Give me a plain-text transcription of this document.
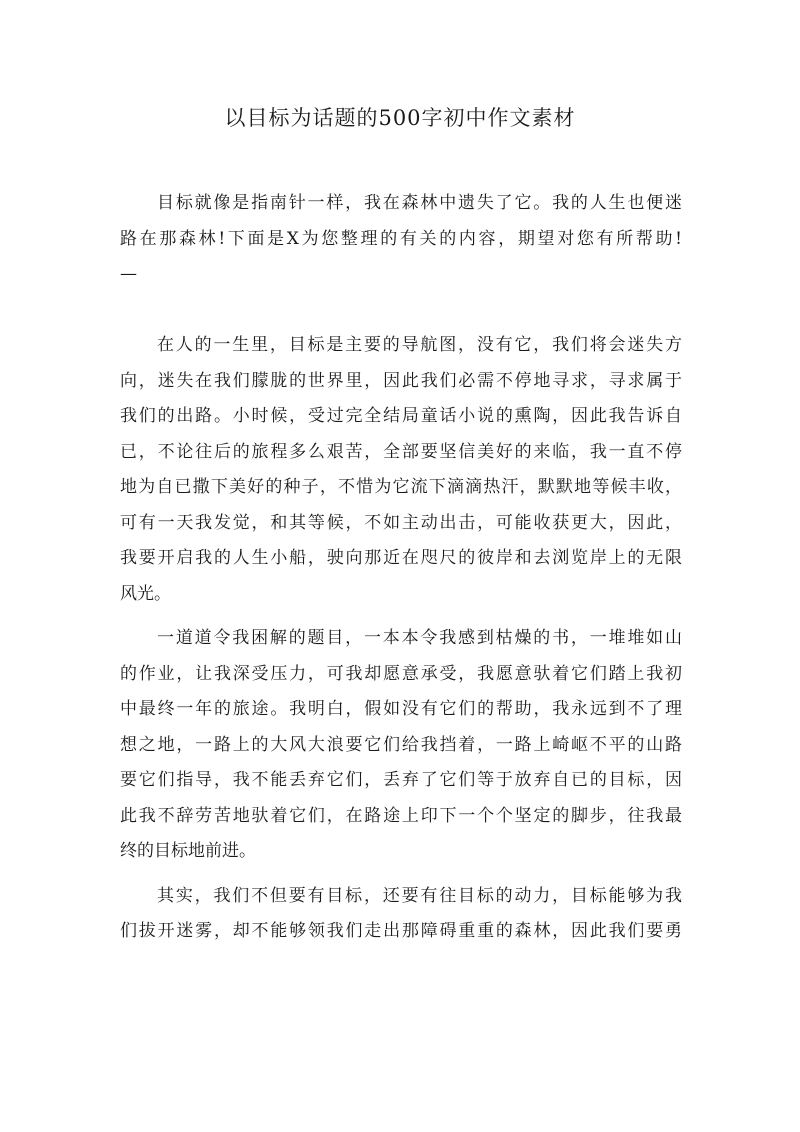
以目标为话题的500字初中作文素材
目标就像是指南针一样，我在森林中遗失了它。我的人生也便迷
路在那森林!下面是X为您整理的有关的内容，期望对您有所帮助!
—
在人的一生里，目标是主要的导航图，没有它，我们将会迷失方
向，迷失在我们朦胧的世界里，因此我们必需不停地寻求，寻求属于
我们的出路。小时候，受过完全结局童话小说的熏陶，因此我告诉自
已，不论往后的旅程多么艰苦，全部要坚信美好的来临，我一直不停
地为自已撒下美好的种子，不惜为它流下滴滴热汗，默默地等候丰收，
可有一天我发觉，和其等候，不如主动出击，可能收获更大，因此，
我要开启我的人生小船，驶向那近在咫尺的彼岸和去浏览岸上的无限
风光。
一道道令我困解的题目，一本本令我感到枯燥的书，一堆堆如山
的作业，让我深受压力，可我却愿意承受，我愿意驮着它们踏上我初
中最终一年的旅途。我明白，假如没有它们的帮助，我永远到不了理
想之地，一路上的大风大浪要它们给我挡着，一路上崎岖不平的山路
要它们指导，我不能丢弃它们，丢弃了它们等于放弃自已的目标，因
此我不辞劳苦地驮着它们，在路途上印下一个个坚定的脚步，往我最
终的目标地前进。
其实，我们不但要有目标，还要有往目标的动力，目标能够为我
们拔开迷雾，却不能够领我们走出那障碍重重的森林，因此我们要勇
